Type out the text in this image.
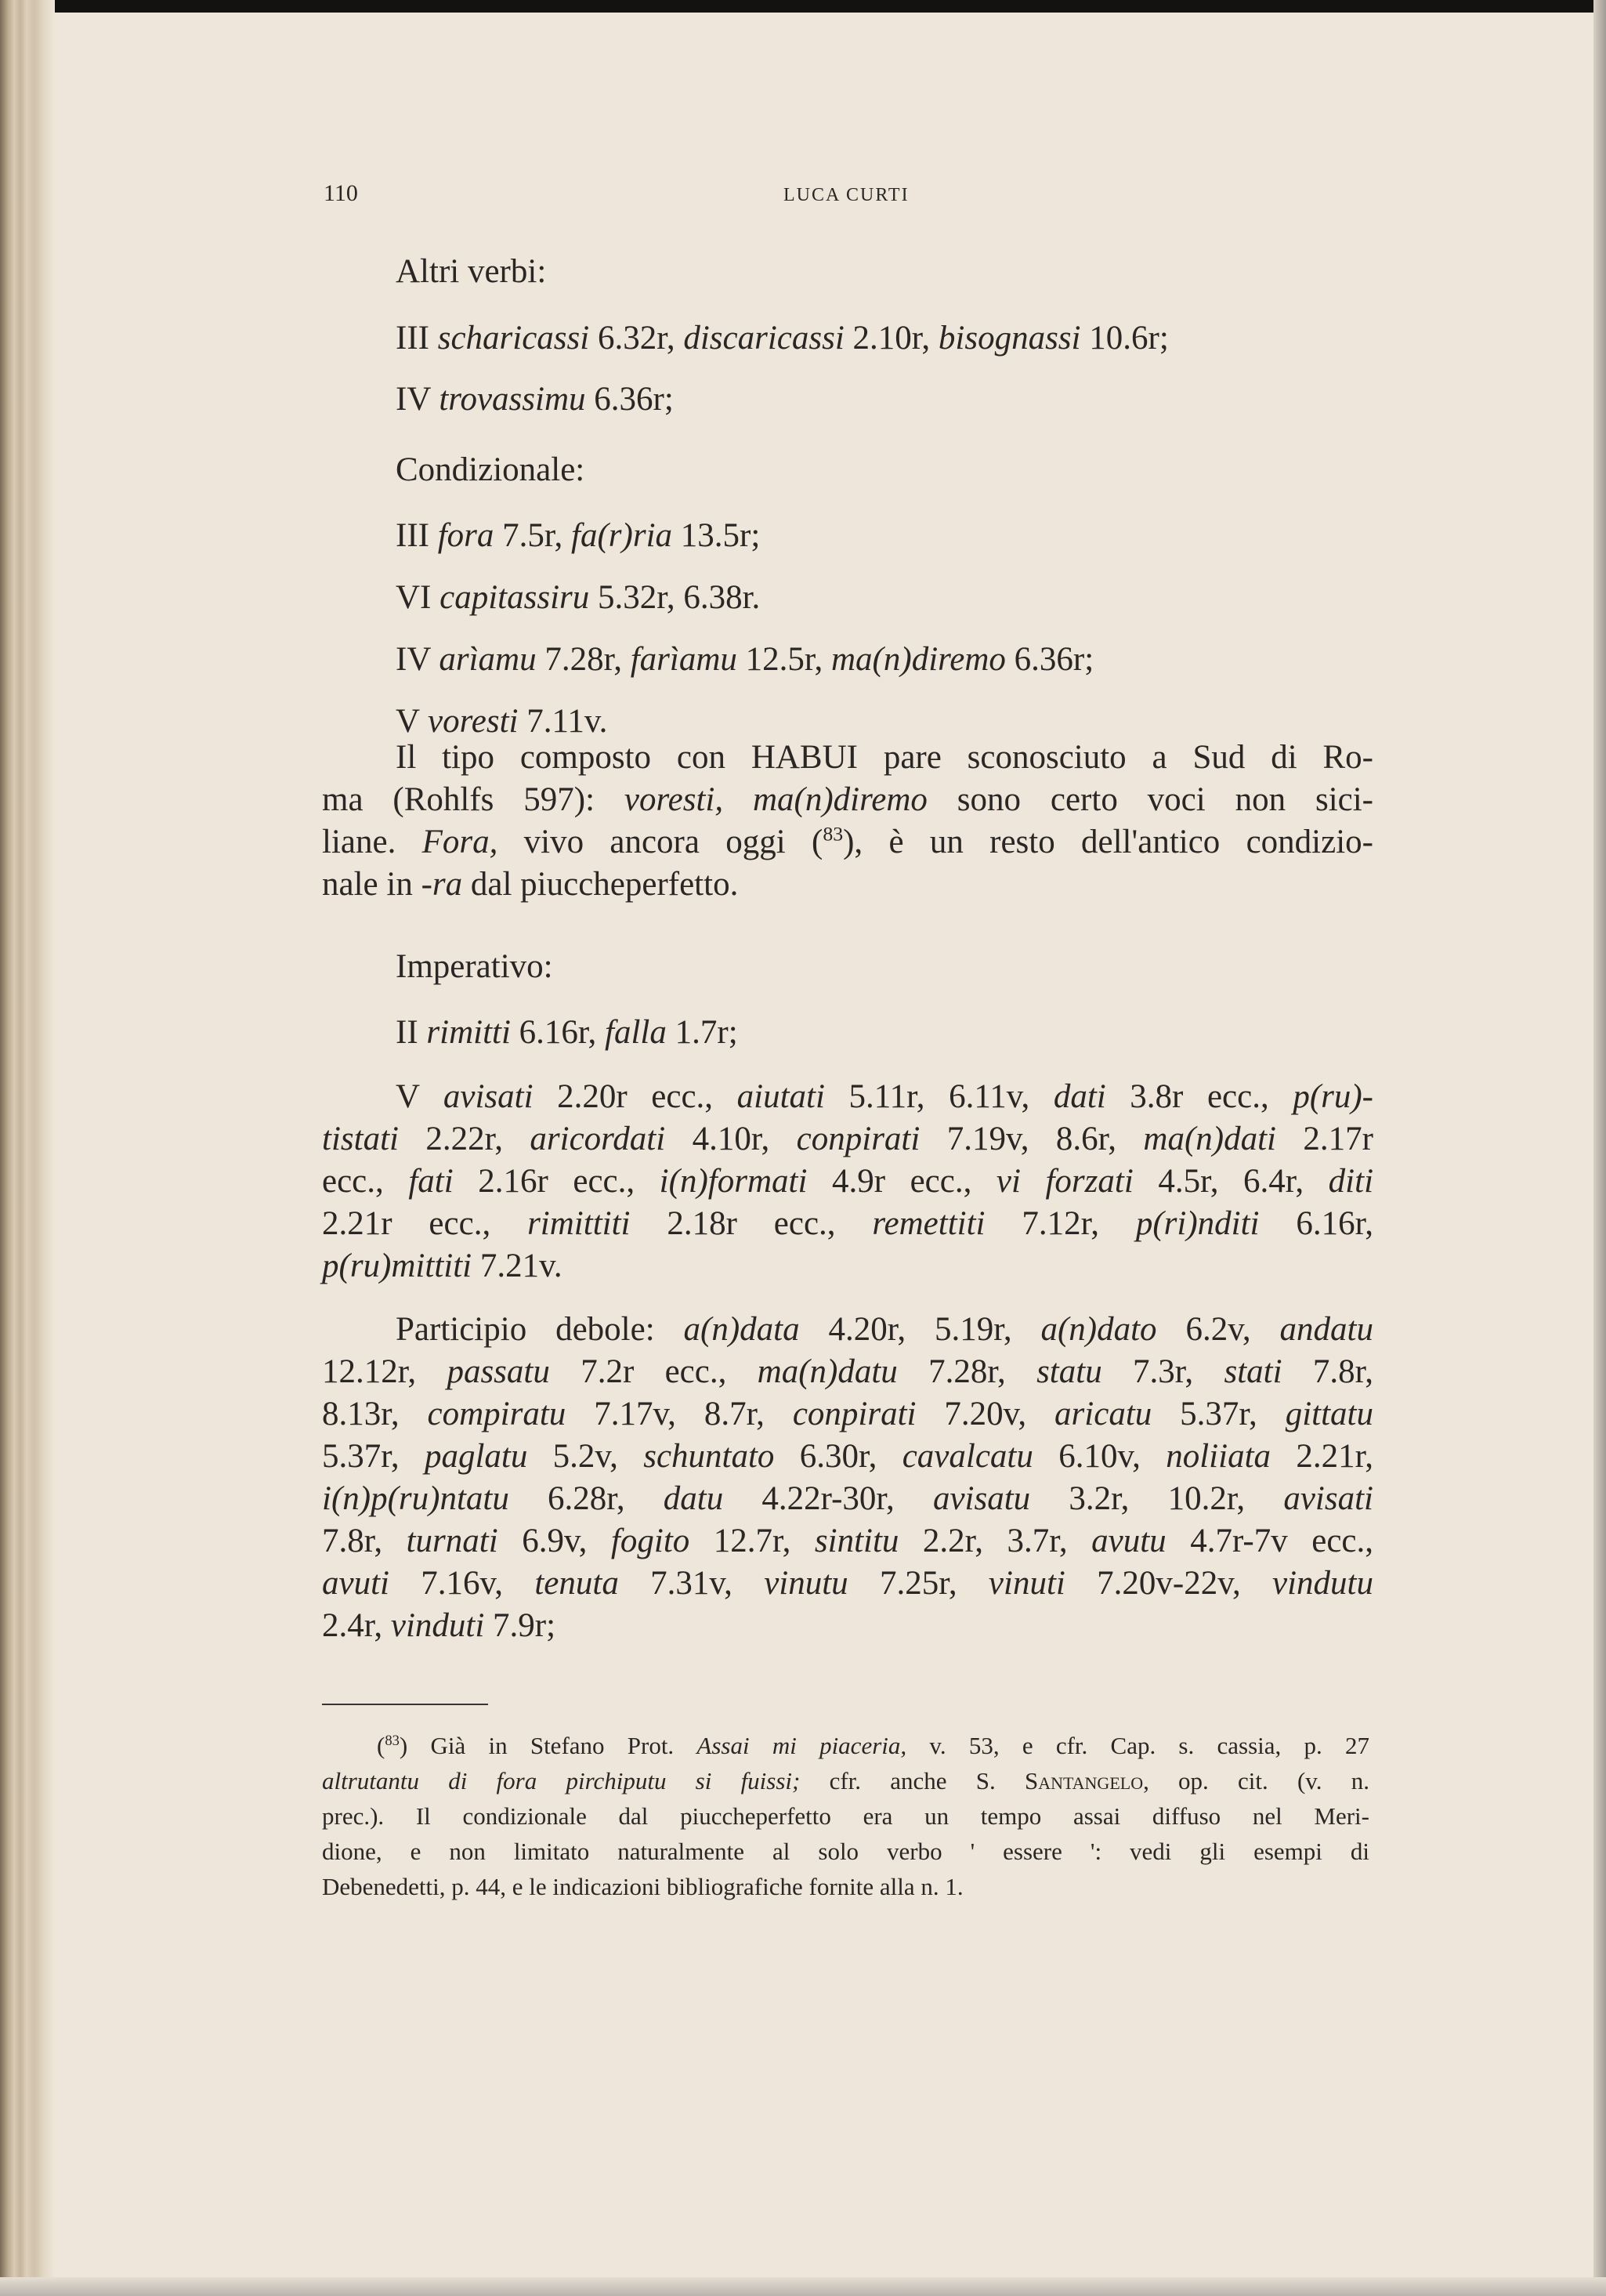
110	LUCA CURTI
Altri verbi:
III scharicassi 6.32r, discaricassi 2.10r, bisognassi 10.6r;
IV trovassimu 6.36r;
Condizionale:
III fora 7.5r, fa(r)ria 13.5r;
VI capitassiru 5.32r, 6.38r.
IV arìamu 7.28r, farìamu 12.5r, ma(n)diremo 6.36r;
V voresti 7.11v.
Il tipo composto con HABUI pare sconosciuto a Sud di Ro-
ma (Rohlfs 597): voresti, ma(n)diremo sono certo voci non sici-
liane. Fora, vivo ancora oggi ($^{83}$), è un resto dell'antico condizio-
nale in -ra dal piuccheperfetto.
Imperativo:
II rimitti 6.16r, falla 1.7r;
V avisati 2.20r ecc., aiutati 5.11r, 6.11v, dati 3.8r ecc., p(ru)-
tistati 2.22r, aricordati 4.10r, conpirati 7.19v, 8.6r, ma(n)dati 2.17r
ecc., fati 2.16r ecc., i(n)formati 4.9r ecc., vi forzati 4.5r, 6.4r, diti
2.21r ecc., rimittiti 2.18r ecc., remettiti 7.12r, p(ri)nditi 6.16r,
p(ru)mittiti 7.21v.
Participio debole: a(n)data 4.20r, 5.19r, a(n)dato 6.2v, andatu
12.12r, passatu 7.2r ecc., ma(n)datu 7.28r, statu 7.3r, stati 7.8r,
8.13r, compiratu 7.17v, 8.7r, conpirati 7.20v, aricatu 5.37r, gittatu
5.37r, paglatu 5.2v, schuntato 6.30r, cavalcatu 6.10v, noliiata 2.21r,
i(n)p(ru)ntatu 6.28r, datu 4.22r-30r, avisatu 3.2r, 10.2r, avisati
7.8r, turnati 6.9v, fogito 12.7r, sintitu 2.2r, 3.7r, avutu 4.7r-7v ecc.,
avuti 7.16v, tenuta 7.31v, vinutu 7.25r, vinuti 7.20v-22v, vindutu
2.4r, vinduti 7.9r;
($^{83}$) Già in Stefano Prot. Assai mi piaceria, v. 53, e cfr. Cap. s. cassia, p. 27
altrutantu di fora pirchiputu si fuissi; cfr. anche S. Santangelo, op. cit. (v. n.
prec.). Il condizionale dal piuccheperfetto era un tempo assai diffuso nel Meri-
dione, e non limitato naturalmente al solo verbo ' essere ': vedi gli esempi di
Debenedetti, p. 44, e le indicazioni bibliografiche fornite alla n. 1.
